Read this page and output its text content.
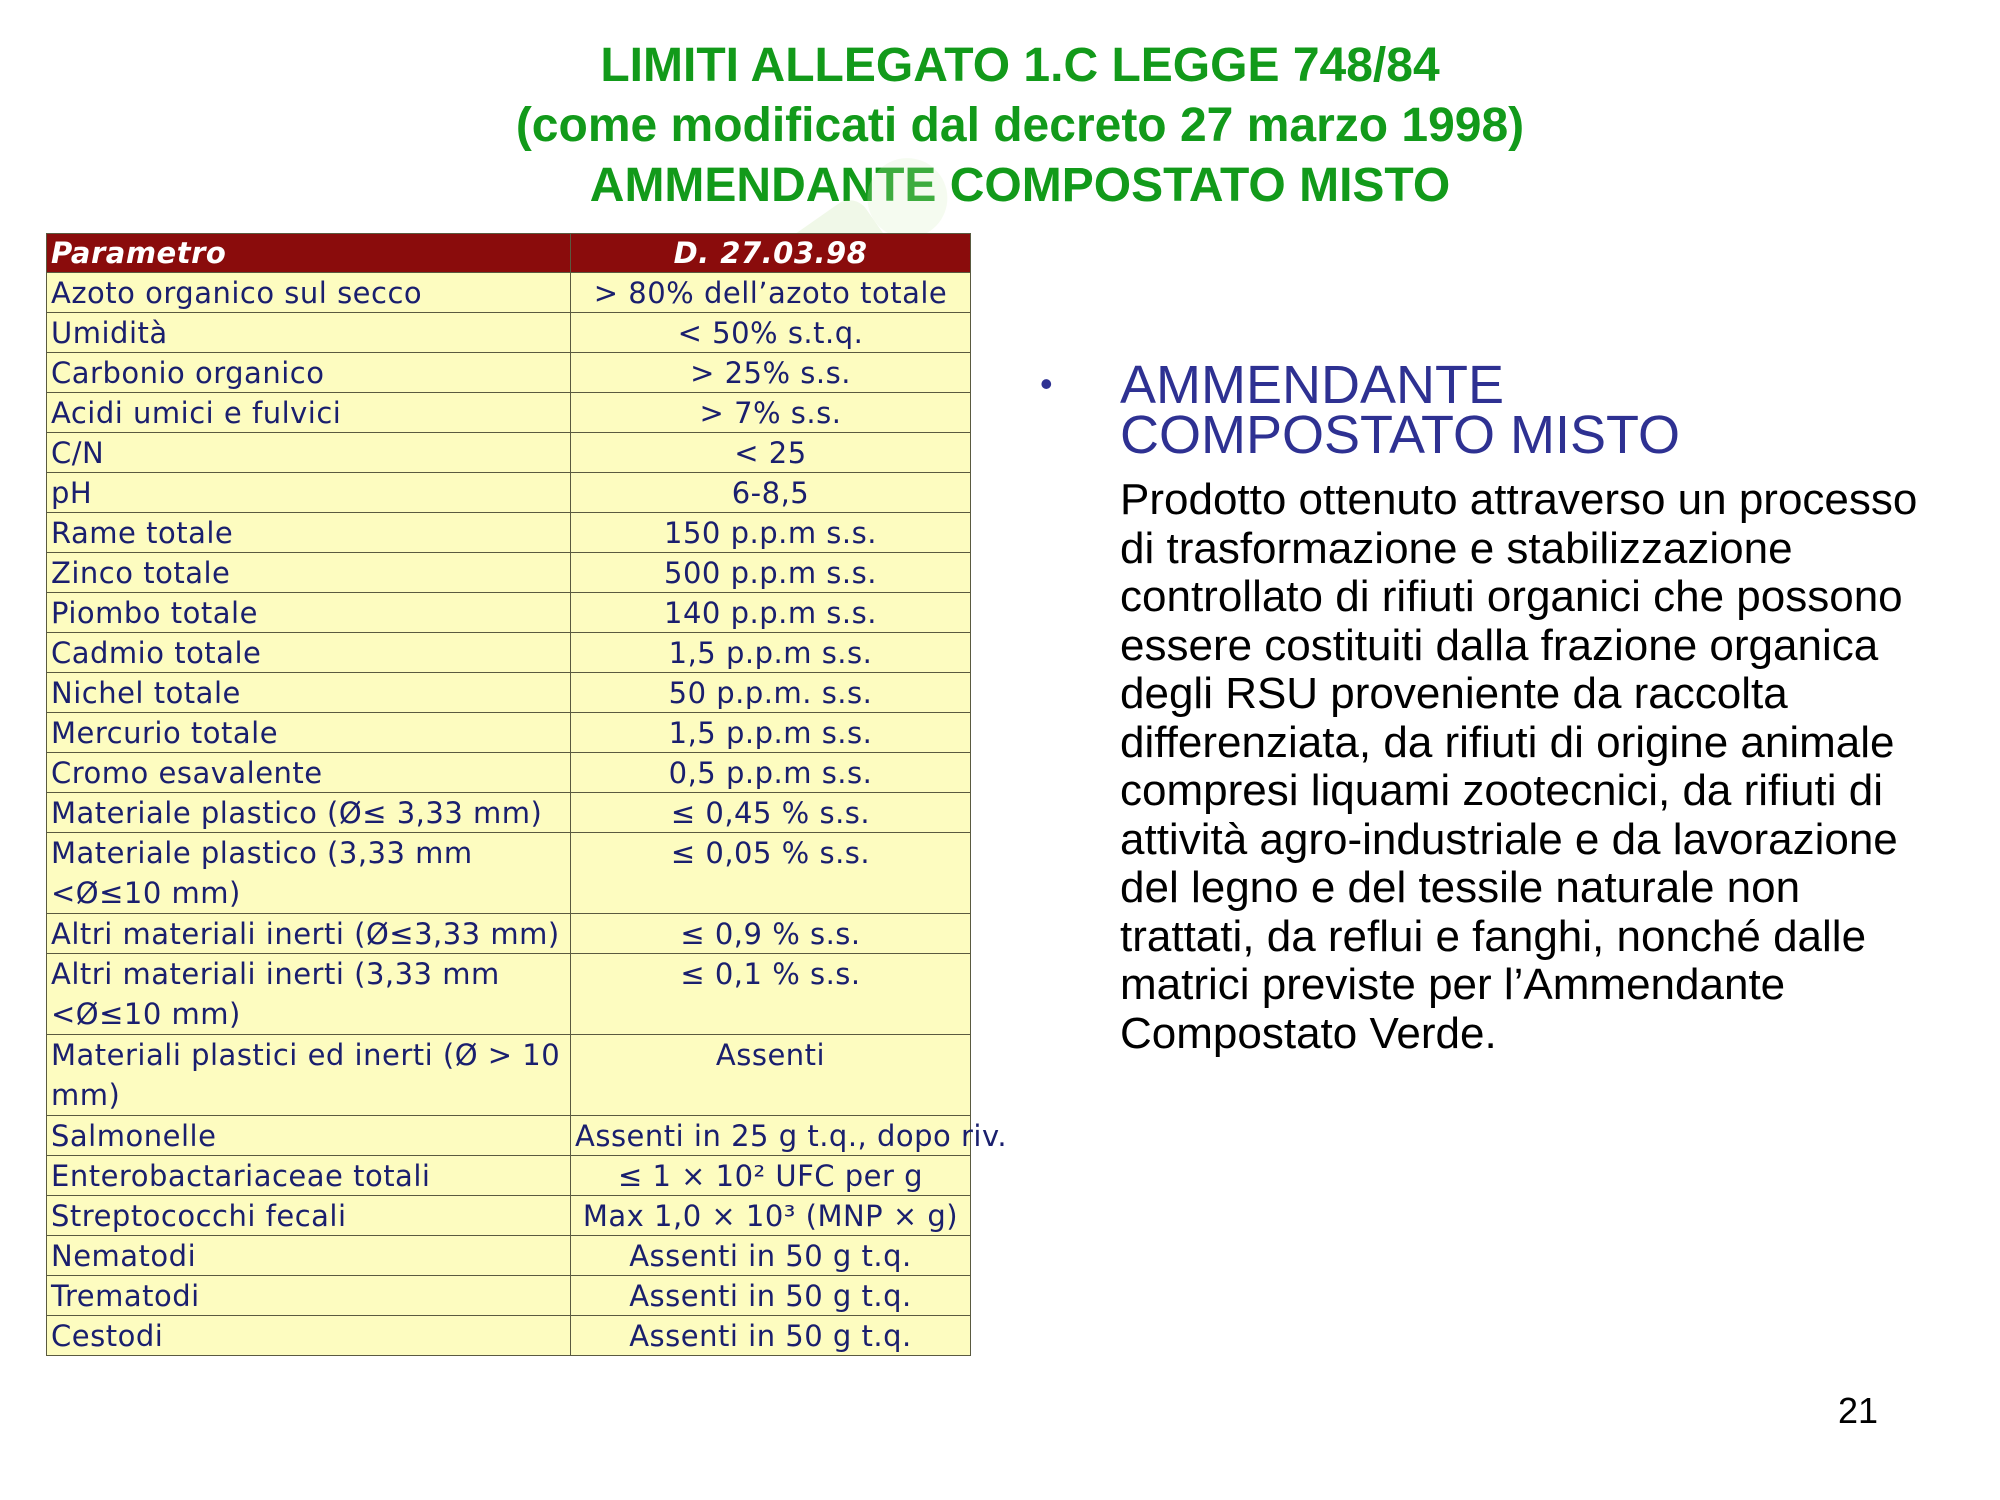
LIMITI ALLEGATO 1.C LEGGE 748/84
(come modificati dal decreto 27 marzo 1998)
AMMENDANTE COMPOSTATO MISTO
Parametro	D. 27.03.98
Azoto organico sul secco	> 80% dell’azoto totale
Umidità	< 50% s.t.q.
Carbonio organico	> 25% s.s.
Acidi umici e fulvici	> 7% s.s.
C/N	< 25
pH	6-8,5
Rame totale	150 p.p.m s.s.
Zinco totale	500 p.p.m s.s.
Piombo totale	140 p.p.m s.s.
Cadmio totale	1,5 p.p.m s.s.
Nichel totale	50 p.p.m. s.s.
Mercurio totale	1,5 p.p.m s.s.
Cromo esavalente	0,5 p.p.m s.s.
Materiale plastico (Ø≤ 3,33 mm)	≤ 0,45 % s.s.
Materiale plastico (3,33 mm <Ø≤10 mm)	≤ 0,05 % s.s.
Altri materiali inerti (Ø≤3,33 mm)	≤ 0,9 % s.s.
Altri materiali inerti (3,33 mm <Ø≤10 mm)	≤ 0,1 % s.s.
Materiali plastici ed inerti (Ø > 10 mm)	Assenti
Salmonelle	Assenti in 25 g t.q., dopo riv.
Enterobactariaceae totali	≤ 1 × 10² UFC per g
Streptococchi fecali	Max 1,0 × 10³ (MNP × g)
Nematodi	Assenti in 50 g t.q.
Trematodi	Assenti in 50 g t.q.
Cestodi	Assenti in 50 g t.q.
• AMMENDANTE
COMPOSTATO MISTO
Prodotto ottenuto attraverso un processo di trasformazione e stabilizzazione controllato di rifiuti organici che possono essere costituiti dalla frazione organica degli RSU proveniente da raccolta differenziata, da rifiuti di origine animale compresi liquami zootecnici, da rifiuti di attività agro-industriale e da lavorazione del legno e del tessile naturale non trattati, da reflui e fanghi, nonché dalle matrici previste per l’Ammendante Compostato Verde.
21
